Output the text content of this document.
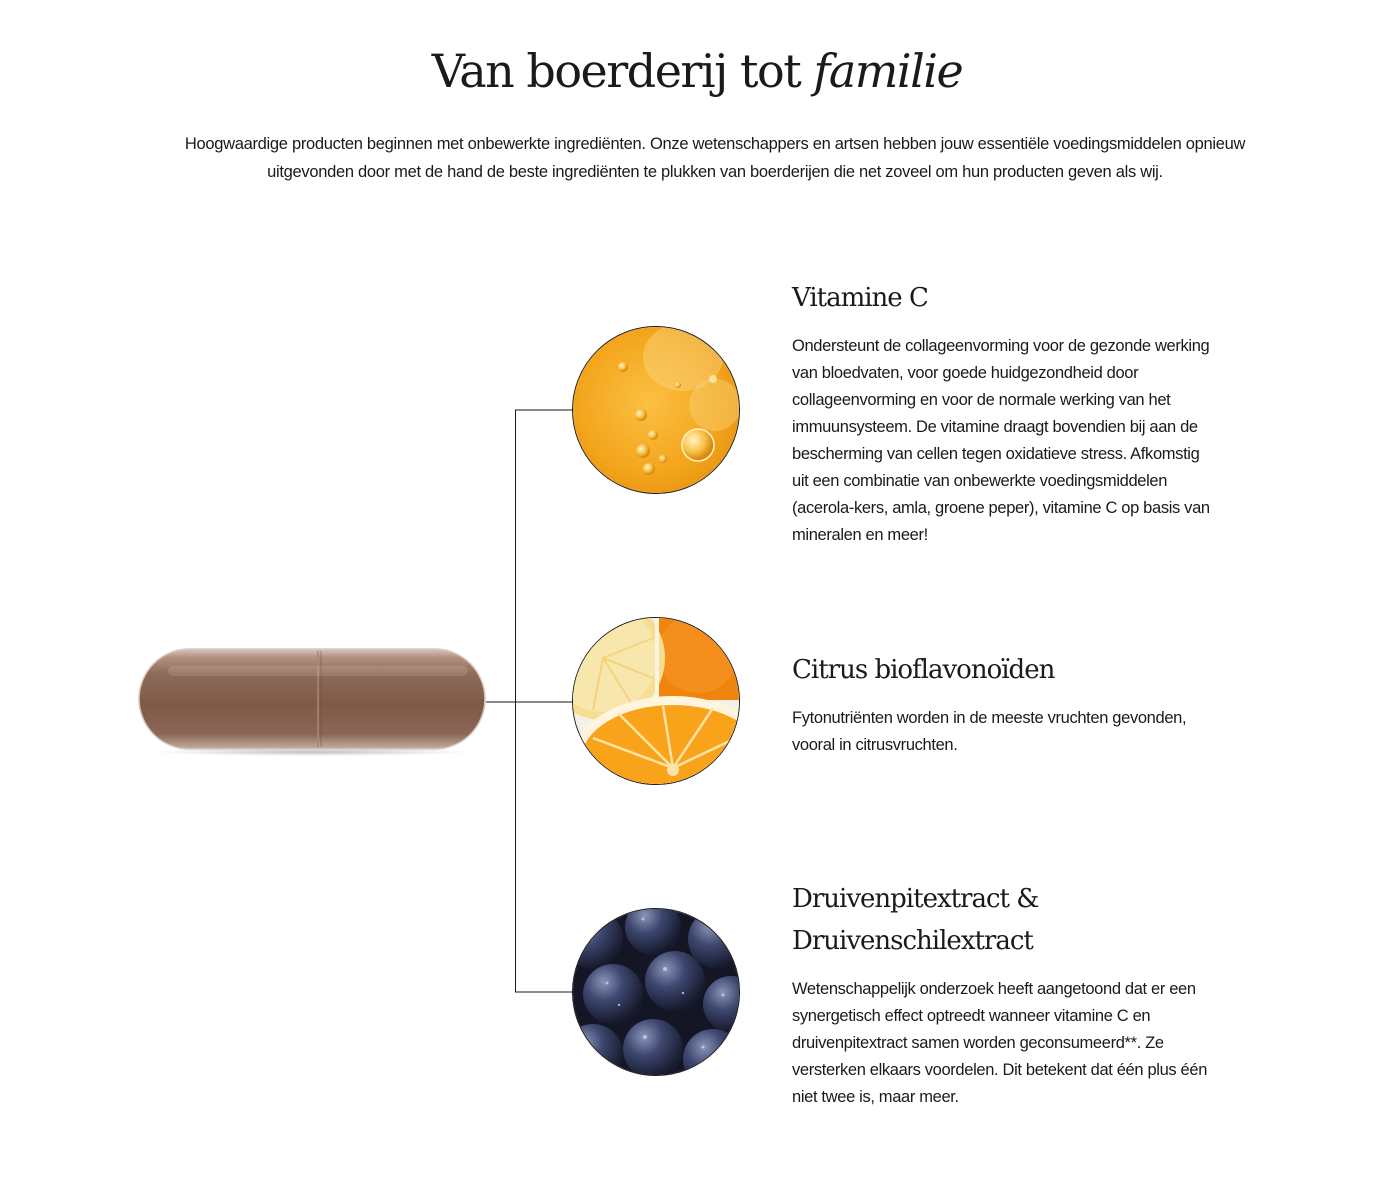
Van boerderij tot familie

Hoogwaardige producten beginnen met onbewerkte ingrediënten. Onze wetenschappers en artsen hebben jouw essentiële voedingsmiddelen opnieuw uitgevonden door met de hand de beste ingrediënten te plukken van boerderijen die net zoveel om hun producten geven als wij.

Vitamine C

Ondersteunt de collageenvorming voor de gezonde werking van bloedvaten, voor goede huidgezondheid door collageenvorming en voor de normale werking van het immuunsysteem. De vitamine draagt bovendien bij aan de bescherming van cellen tegen oxidatieve stress. Afkomstig uit een combinatie van onbewerkte voedingsmiddelen (acerola-kers, amla, groene peper), vitamine C op basis van mineralen en meer!

Citrus bioflavonoïden

Fytonutriënten worden in de meeste vruchten gevonden, vooral in citrusvruchten.

Druivenpitextract &
Druivenschilextract

Wetenschappelijk onderzoek heeft aangetoond dat er een synergetisch effect optreedt wanneer vitamine C en druivenpitextract samen worden geconsumeerd**. Ze versterken elkaars voordelen. Dit betekent dat één plus één niet twee is, maar meer.
